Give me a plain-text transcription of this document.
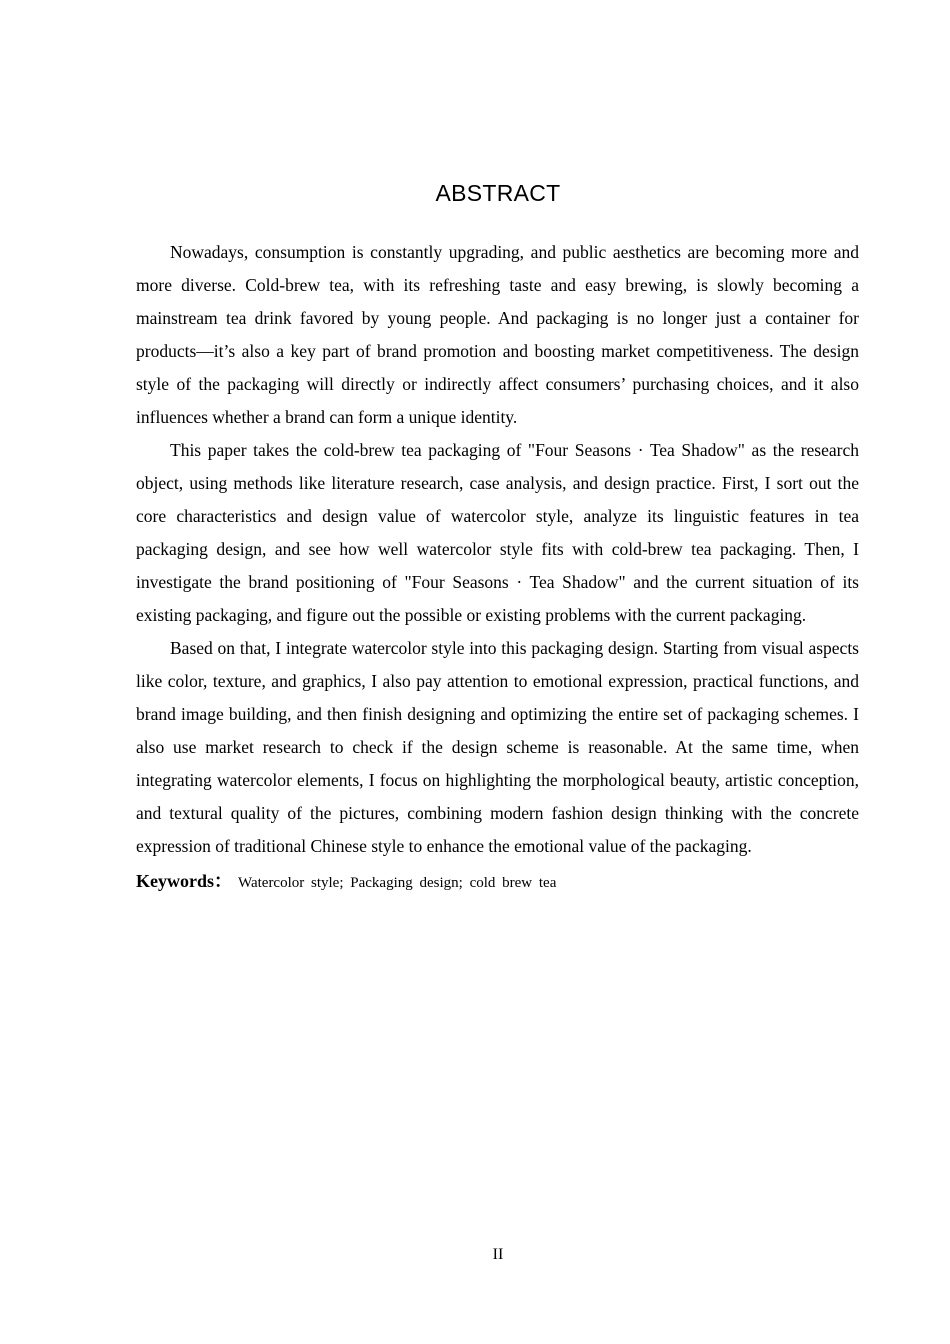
ABSTRACT

Nowadays, consumption is constantly upgrading, and public aesthetics are becoming more and more diverse. Cold-brew tea, with its refreshing taste and easy brewing, is slowly becoming a mainstream tea drink favored by young people. And packaging is no longer just a container for products—it’s also a key part of brand promotion and boosting market competitiveness. The design style of the packaging will directly or indirectly affect consumers’ purchasing choices, and it also influences whether a brand can form a unique identity.

This paper takes the cold-brew tea packaging of "Four Seasons · Tea Shadow" as the research object, using methods like literature research, case analysis, and design practice. First, I sort out the core characteristics and design value of watercolor style, analyze its linguistic features in tea packaging design, and see how well watercolor style fits with cold-brew tea packaging. Then, I investigate the brand positioning of "Four Seasons · Tea Shadow" and the current situation of its existing packaging, and figure out the possible or existing problems with the current packaging.

Based on that, I integrate watercolor style into this packaging design. Starting from visual aspects like color, texture, and graphics, I also pay attention to emotional expression, practical functions, and brand image building, and then finish designing and optimizing the entire set of packaging schemes. I also use market research to check if the design scheme is reasonable. At the same time, when integrating watercolor elements, I focus on highlighting the morphological beauty, artistic conception, and textural quality of the pictures, combining modern fashion design thinking with the concrete expression of traditional Chinese style to enhance the emotional value of the packaging.

Keywords： Watercolor style; Packaging design; cold brew tea

II
